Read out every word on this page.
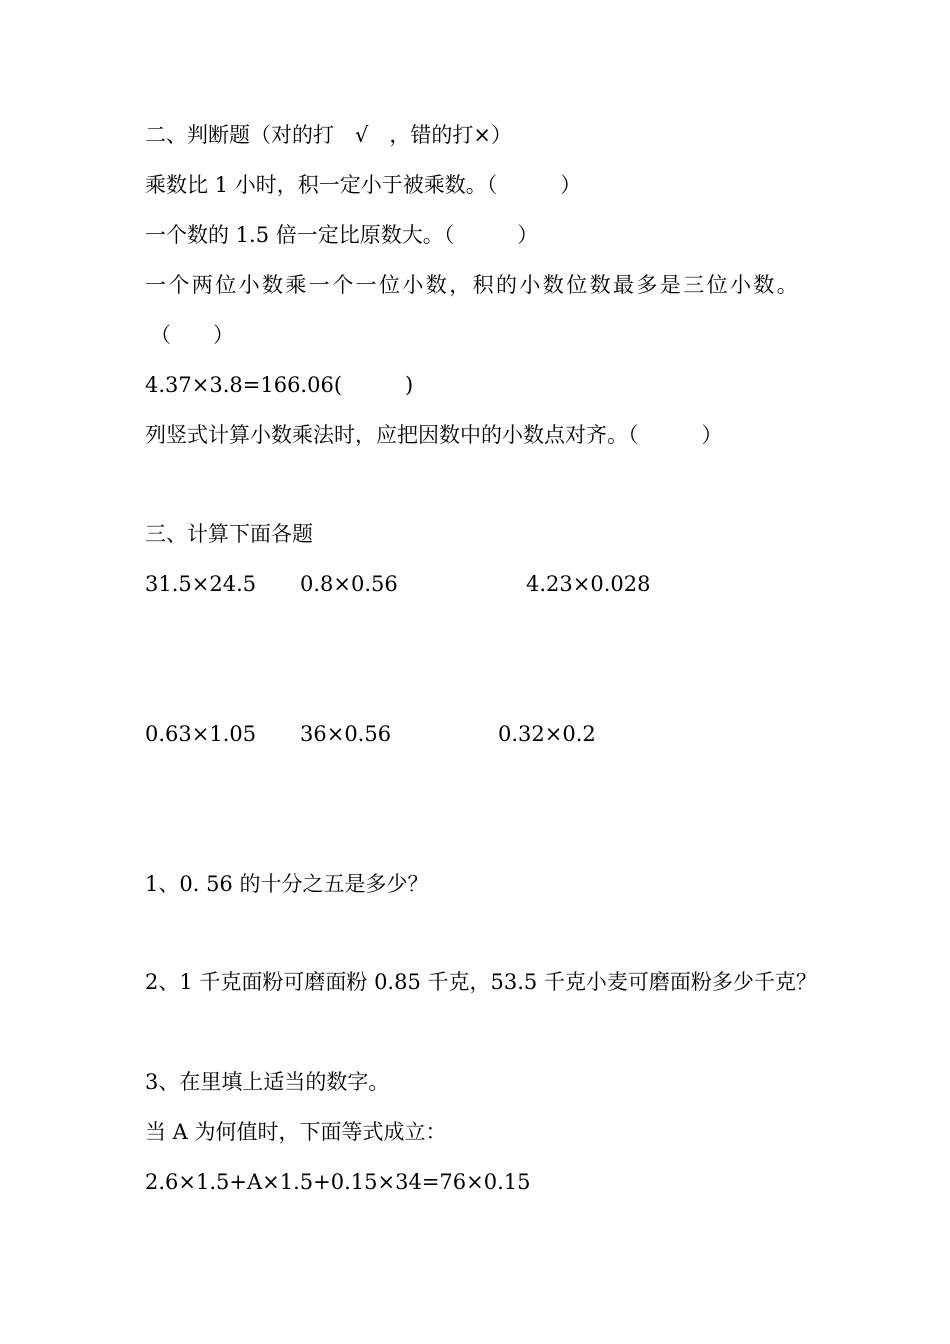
二、判断题（对的打　√　，错的打×）
乘数比 1 小时，积一定小于被乘数。（　　　）
一个数的 1.5 倍一定比原数大。（　　　）
一个两位小数乘一个一位小数，积的小数位数最多是三位小数。
（　　）
4.37×3.8=166.06(　　　)
列竖式计算小数乘法时，应把因数中的小数点对齐。（　　　）
三、计算下面各题
31.5×24.5 0.8×0.56	4.23×0.028
0.63×1.05 36×0.56	0.32×0.2
1、0. 56 的十分之五是多少？
2、1 千克面粉可磨面粉 0.85 千克，53.5 千克小麦可磨面粉多少千克？
3、在里填上适当的数字。
当 A 为何值时，下面等式成立：
2.6×1.5+A×1.5+0.15×34=76×0.15
